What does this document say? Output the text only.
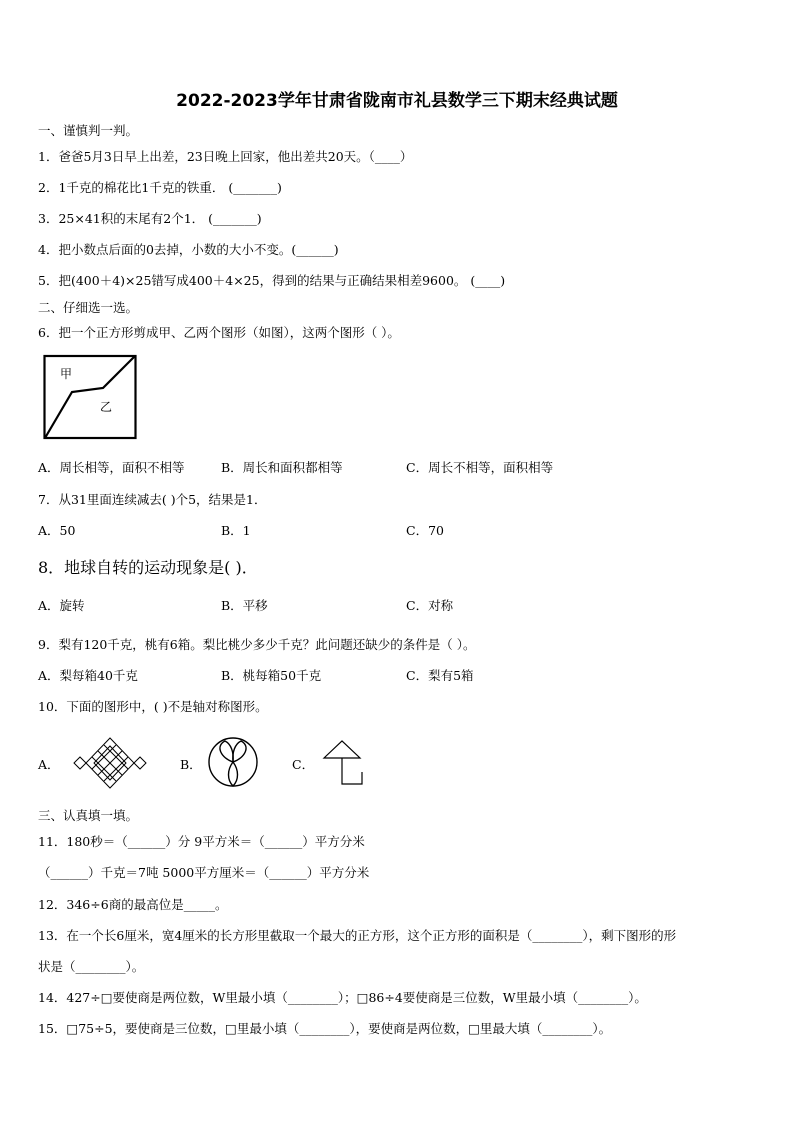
2022-2023学年甘肃省陇南市礼县数学三下期末经典试题
一、谨慎判一判。
1．爸爸5月3日早上出差，23日晚上回家，他出差共20天。（____）
2．1千克的棉花比1千克的铁重． (_______)
3．25×41积的末尾有2个1． (_______)
4．把小数点后面的0去掉，小数的大小不变。(______)
5．把(400＋4)×25错写成400＋4×25，得到的结果与正确结果相差9600。 (____)
二、仔细选一选。
6．把一个正方形剪成甲、乙两个图形（如图），这两个图形（ ）。
甲
乙
A．周长相等，面积不相等	B．周长和面积都相等	C．周长不相等，面积相等
7．从31里面连续减去( )个5，结果是1．
A．50	B．1	C．70
8．地球自转的运动现象是( )．
A．旋转	B．平移	C．对称
9．梨有120千克，桃有6箱。梨比桃少多少千克？此问题还缺少的条件是（ ）。
A．梨每箱40千克	B．桃每箱50千克	C．梨有5箱
10．下面的图形中，( )不是轴对称图形。
A．	B．	C．
三、认真填一填。
11．180秒＝（______）分 9平方米＝（______）平方分米
（______）千克＝7吨 5000平方厘米＝（______）平方分米
12．346÷6商的最高位是_____。
13．在一个长6厘米，宽4厘米的长方形里截取一个最大的正方形，这个正方形的面积是（________），剩下图形的形
状是（________）。
14．427÷□要使商是两位数，W里最小填（________）；□86÷4要使商是三位数，W里最小填（________）。
15．□75÷5，要使商是三位数，□里最小填（________），要使商是两位数，□里最大填（________）。
